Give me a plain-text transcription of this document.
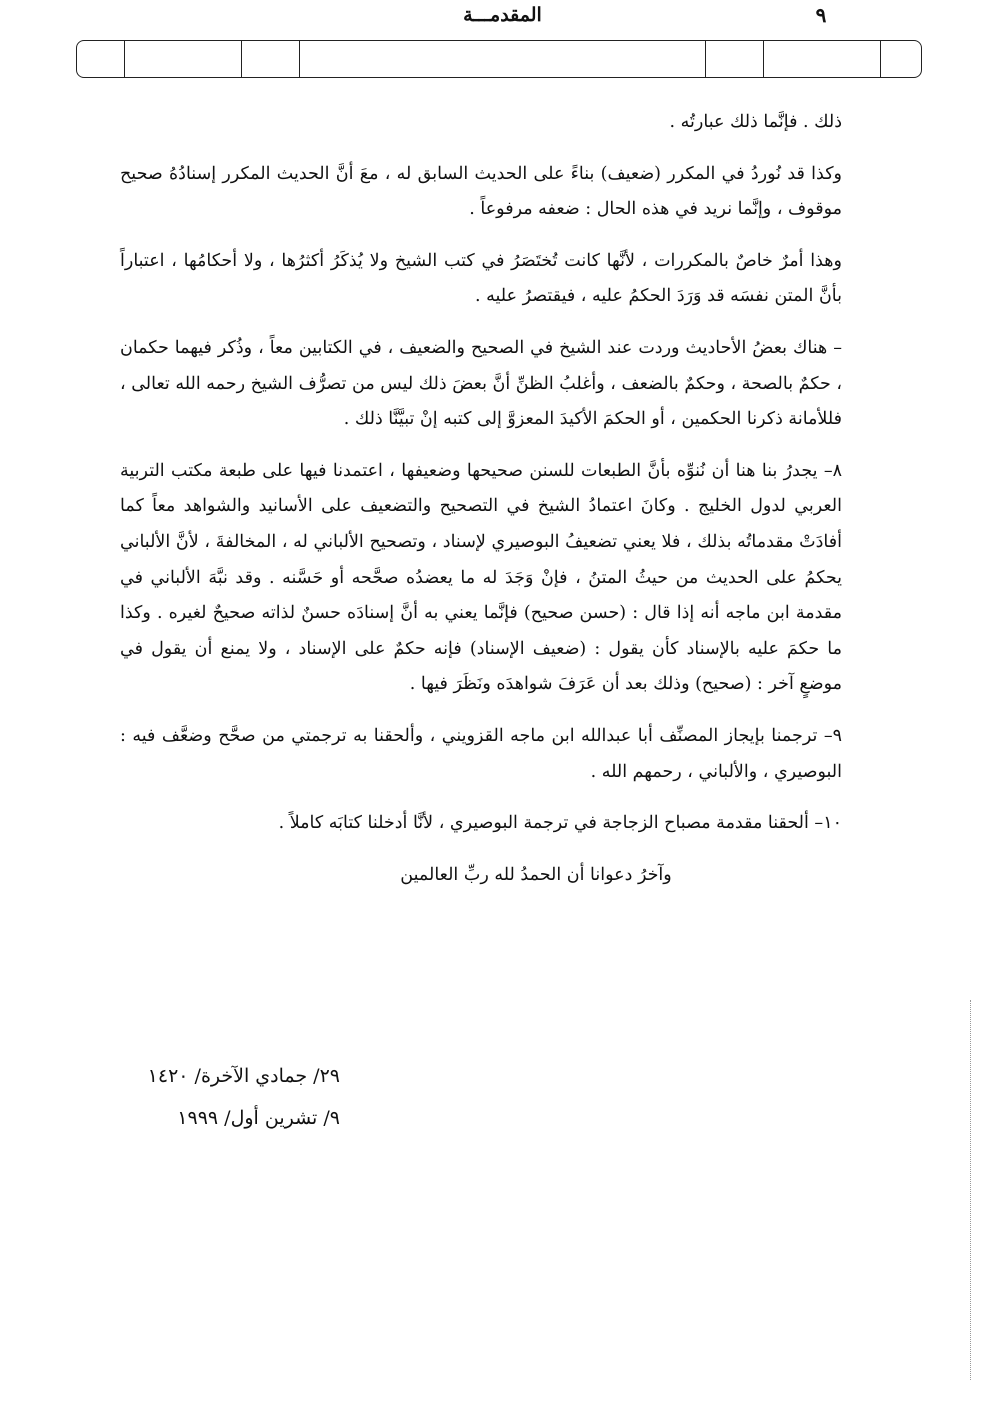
المقدمـــة	٩

ذلك . فإنَّما ذلك عبارتُه .

وكذا قد نُوردُ في المكرر (ضعيف) بناءً على الحديث السابق له ، معَ أنَّ الحديث المكرر إسنادُهُ صحيح موقوف ، وإنَّما نريد في هذه الحال : ضعفه مرفوعاً .

وهذا أمرٌ خاصٌ بالمكررات ، لأنَّها كانت تُختَصَرُ في كتب الشيخ ولا يُذكَرُ أكثرُها ، ولا أحكامُها ، اعتباراً بأنَّ المتن نفسَه قد وَرَدَ الحكمُ عليه ، فيقتصرُ عليه .

– هناك بعضُ الأحاديث وردت عند الشيخ في الصحيح والضعيف ، في الكتابين معاً ، وذُكر فيهما حكمان ، حكمٌ بالصحة ، وحكمٌ بالضعف ، وأغلبُ الظنِّ أنَّ بعضَ ذلك ليس من تصرُّف الشيخ رحمه الله تعالى ، فللأمانة ذكرنا الحكمين ، أو الحكمَ الأكيدَ المعزوَّ إلى كتبه إنْ تبيَّنَّا ذلك .

٨– يجدرُ بنا هنا أن نُنوِّه بأنَّ الطبعات للسنن صحيحها وضعيفها ، اعتمدنا فيها على طبعة مكتب التربية العربي لدول الخليج . وكانَ اعتمادُ الشيخ في التصحيح والتضعيف على الأسانيد والشواهد معاً كما أفادَتْ مقدماتُه بذلك ، فلا يعني تضعيفُ البوصيري لإسناد ، وتصحيح الألباني له ، المخالفةَ ، لأنَّ الألباني يحكمُ على الحديث من حيثُ المتنُ ، فإنْ وَجَدَ له ما يعضدُه صحَّحه أو حَسَّنه . وقد نبَّهَ الألباني في مقدمة ابن ماجه أنه إذا قال : (حسن صحيح) فإنَّما يعني به أنَّ إسنادَه حسنٌ لذاته صحيحٌ لغيره . وكذا ما حكمَ عليه بالإسناد كأن يقول : (ضعيف الإسناد) فإنه حكمٌ على الإسناد ، ولا يمنع أن يقول في موضعٍ آخر : (صحيح) وذلك بعد أن عَرَفَ شواهدَه ونَظَرَ فيها .

٩– ترجمنا بإيجاز المصنِّف أبا عبدالله ابن ماجه القزويني ، وألحقنا به ترجمتي من صحَّح وضعَّف فيه : البوصيري ، والألباني ، رحمهم الله .

١٠– ألحقنا مقدمة مصباح الزجاجة في ترجمة البوصيري ، لأنَّا أدخلنا كتابَه كاملاً .

وآخرُ دعوانا أن الحمدُ لله ربِّ العالمين

٢٩/ جمادي الآخرة/ ١٤٢٠
٩/ تشرين أول/ ١٩٩٩
